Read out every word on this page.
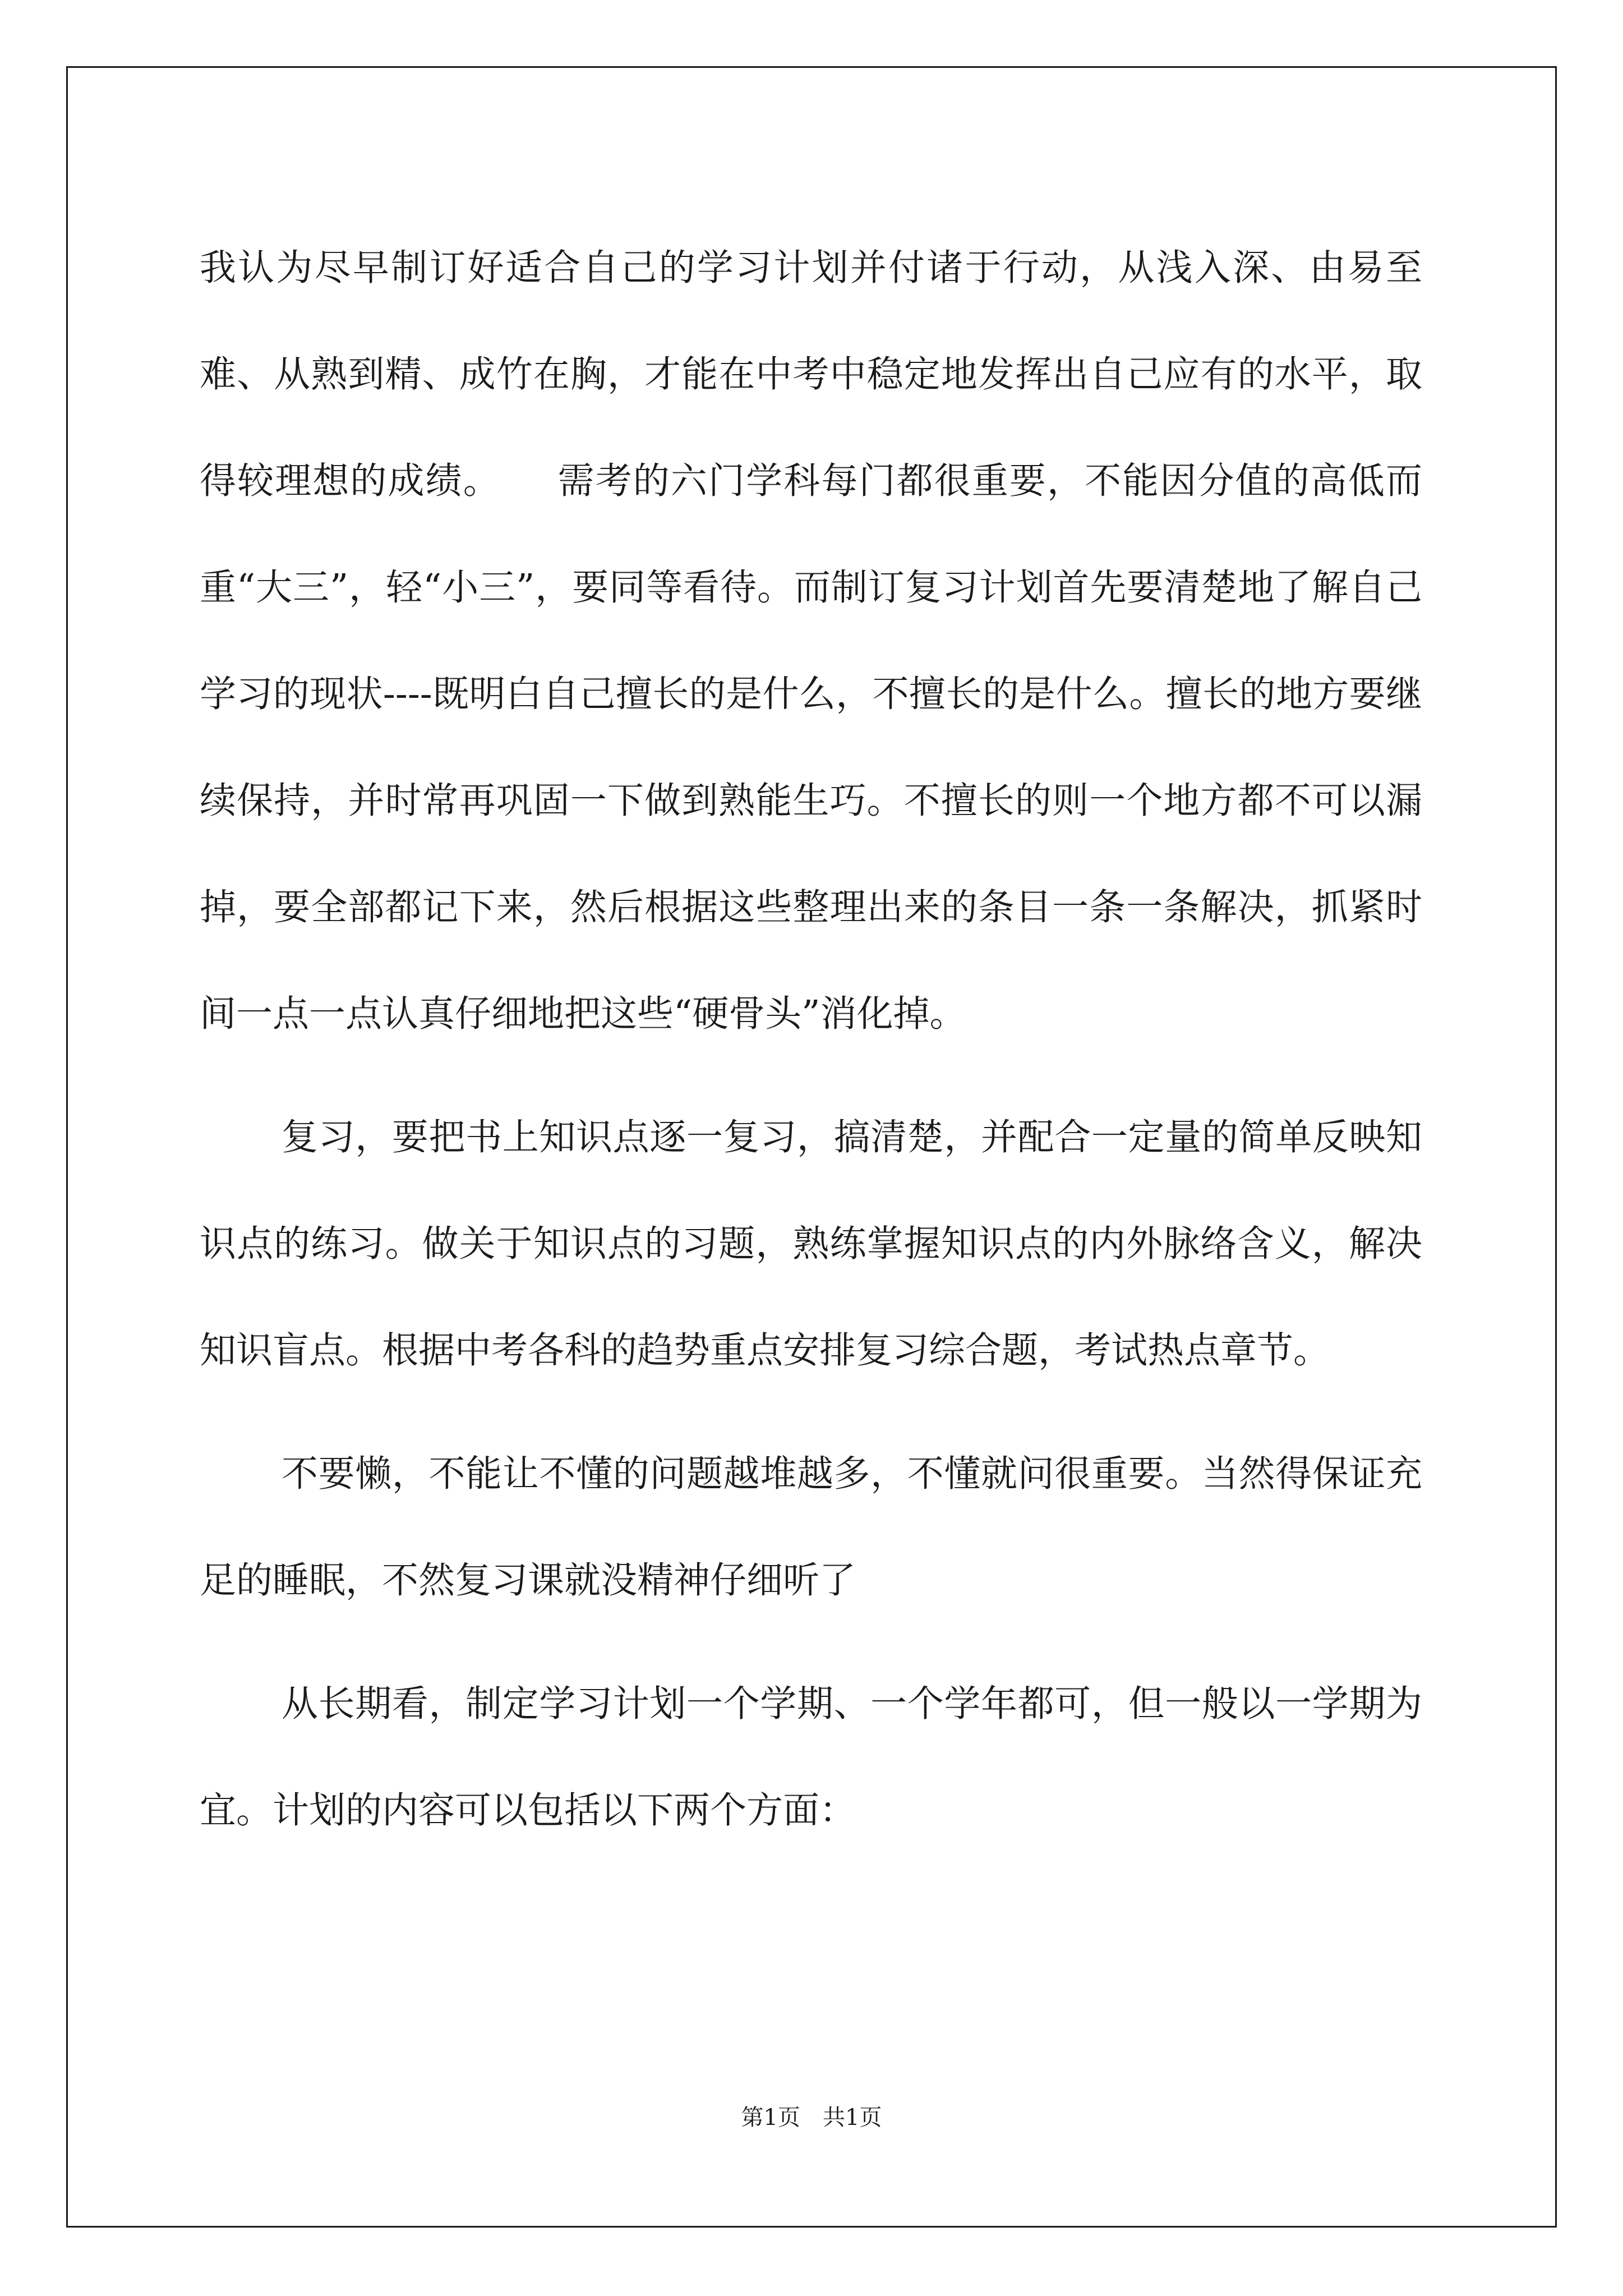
我认为尽早制订好适合自己的学习计划并付诸于行动，从浅入深、由易至难、从熟到精、成竹在胸，才能在中考中稳定地发挥出自己应有的水平，取得较理想的成绩。　　需考的六门学科每门都很重要，不能因分值的高低而重“大三”，轻“小三”，要同等看待。而制订复习计划首先要清楚地了解自己学习的现状----既明白自己擅长的是什么，不擅长的是什么。擅长的地方要继续保持，并时常再巩固一下做到熟能生巧。不擅长的则一个地方都不可以漏掉，要全部都记下来，然后根据这些整理出来的条目一条一条解决，抓紧时间一点一点认真仔细地把这些“硬骨头”消化掉。

复习，要把书上知识点逐一复习，搞清楚，并配合一定量的简单反映知识点的练习。做关于知识点的习题，熟练掌握知识点的内外脉络含义，解决知识盲点。根据中考各科的趋势重点安排复习综合题，考试热点章节。

不要懒，不能让不懂的问题越堆越多，不懂就问很重要。当然得保证充足的睡眠，不然复习课就没精神仔细听了

从长期看，制定学习计划一个学期、一个学年都可，但一般以一学期为宜。计划的内容可以包括以下两个方面：

第1页　共1页
